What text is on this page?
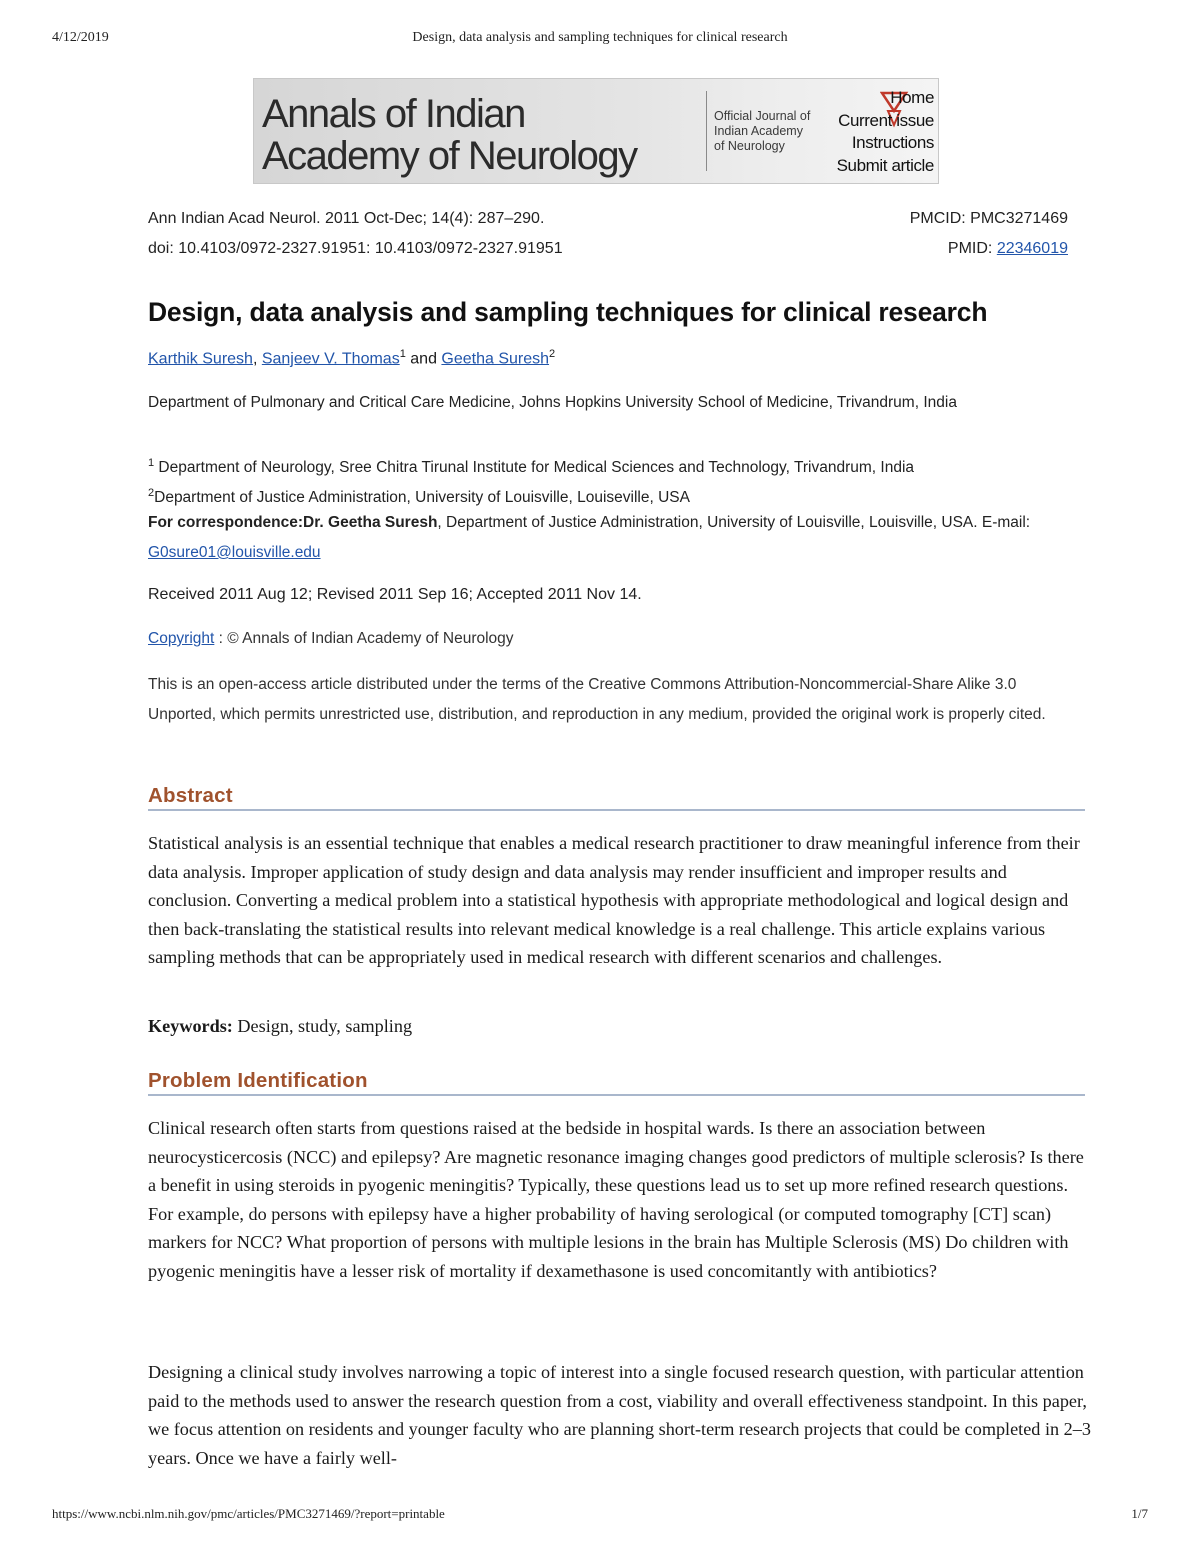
4/12/2019	Design, data analysis and sampling techniques for clinical research
Annals of Indian
Academy of Neurology
Official Journal of
Indian Academy
of Neurology
Home
Current issue
Instructions
Submit article
Ann Indian Acad Neurol. 2011 Oct-Dec; 14(4): 287–290.	PMCID: PMC3271469
doi: 10.4103/0972-2327.91951: 10.4103/0972-2327.91951	PMID: 22346019
Design, data analysis and sampling techniques for clinical research
Karthik Suresh, Sanjeev V. Thomas$^1$ and Geetha Suresh$^2$
Department of Pulmonary and Critical Care Medicine, Johns Hopkins University School of Medicine, Trivandrum, India
$^1$ Department of Neurology, Sree Chitra Tirunal Institute for Medical Sciences and Technology, Trivandrum, India
$^2$Department of Justice Administration, University of Louisville, Louiseville, USA
For correspondence:Dr. Geetha Suresh, Department of Justice Administration, University of Louisville, Louisville, USA. E-mail: G0sure01@louisville.edu
Received 2011 Aug 12; Revised 2011 Sep 16; Accepted 2011 Nov 14.
Copyright : © Annals of Indian Academy of Neurology
This is an open-access article distributed under the terms of the Creative Commons Attribution-Noncommercial-Share Alike 3.0 Unported, which permits unrestricted use, distribution, and reproduction in any medium, provided the original work is properly cited.
Abstract

Statistical analysis is an essential technique that enables a medical research practitioner to draw meaningful inference from their data analysis. Improper application of study design and data analysis may render insufficient and improper results and conclusion. Converting a medical problem into a statistical hypothesis with appropriate methodological and logical design and then back-translating the statistical results into relevant medical knowledge is a real challenge. This article explains various sampling methods that can be appropriately used in medical research with different scenarios and challenges.

Keywords: Design, study, sampling
Problem Identification

Clinical research often starts from questions raised at the bedside in hospital wards. Is there an association between neurocysticercosis (NCC) and epilepsy? Are magnetic resonance imaging changes good predictors of multiple sclerosis? Is there a benefit in using steroids in pyogenic meningitis? Typically, these questions lead us to set up more refined research questions. For example, do persons with epilepsy have a higher probability of having serological (or computed tomography [CT] scan) markers for NCC? What proportion of persons with multiple lesions in the brain has Multiple Sclerosis (MS) Do children with pyogenic meningitis have a lesser risk of mortality if dexamethasone is used concomitantly with antibiotics?

Designing a clinical study involves narrowing a topic of interest into a single focused research question, with particular attention paid to the methods used to answer the research question from a cost, viability and overall effectiveness standpoint. In this paper, we focus attention on residents and younger faculty who are planning short-term research projects that could be completed in 2–3 years. Once we have a fairly well-

https://www.ncbi.nlm.nih.gov/pmc/articles/PMC3271469/?report=printable	1/7
